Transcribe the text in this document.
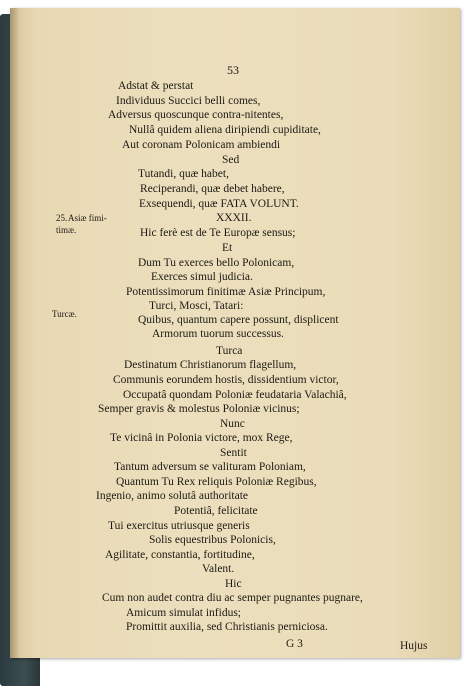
53
Adstat & perstat
Individuus Succici belli comes,
Adversus quoscunque contra-nitentes,
Nullâ quidem aliena diripiendi cupiditate,
Aut coronam Polonicam ambiendi
Sed
Tutandi, quæ habet,
Reciperandi, quæ debet habere,
Exsequendi, quæ FATA VOLUNT.
XXXII.
Hic ferè est de Te Europæ sensus;
Et
Dum Tu exerces bello Polonicam,
Exerces simul judicia.
Potentissimorum finitimæ Asiæ Principum,
Turci, Mosci, Tatari:
Quibus, quantum capere possunt, displicent
Armorum tuorum successus.
Turca
Destinatum Christianorum flagellum,
Communis eorundem hostis, dissidentium victor,
Occupatâ quondam Poloniæ feudataria Valachiâ,
Semper gravis & molestus Poloniæ vicinus;
Nunc
Te vicinâ in Polonia victore, mox Rege,
Sentit
Tantum adversum se valituram Poloniam,
Quantum Tu Rex reliquis Poloniæ Regibus,
Ingenio, animo solutâ authoritate
Potentiâ, felicitate
Tui exercitus utriusque generis
Solis equestribus Polonicis,
Agilitate, constantia, fortitudine,
Valent.
Hic
Cum non audet contra diu ac semper pugnantes pugnare,
Amicum simulat infidus;
Promittit auxilia, sed Christianis perniciosa.
25. Asiæ fimi-
timæ.
Turcæ.
G 3	Hujus
